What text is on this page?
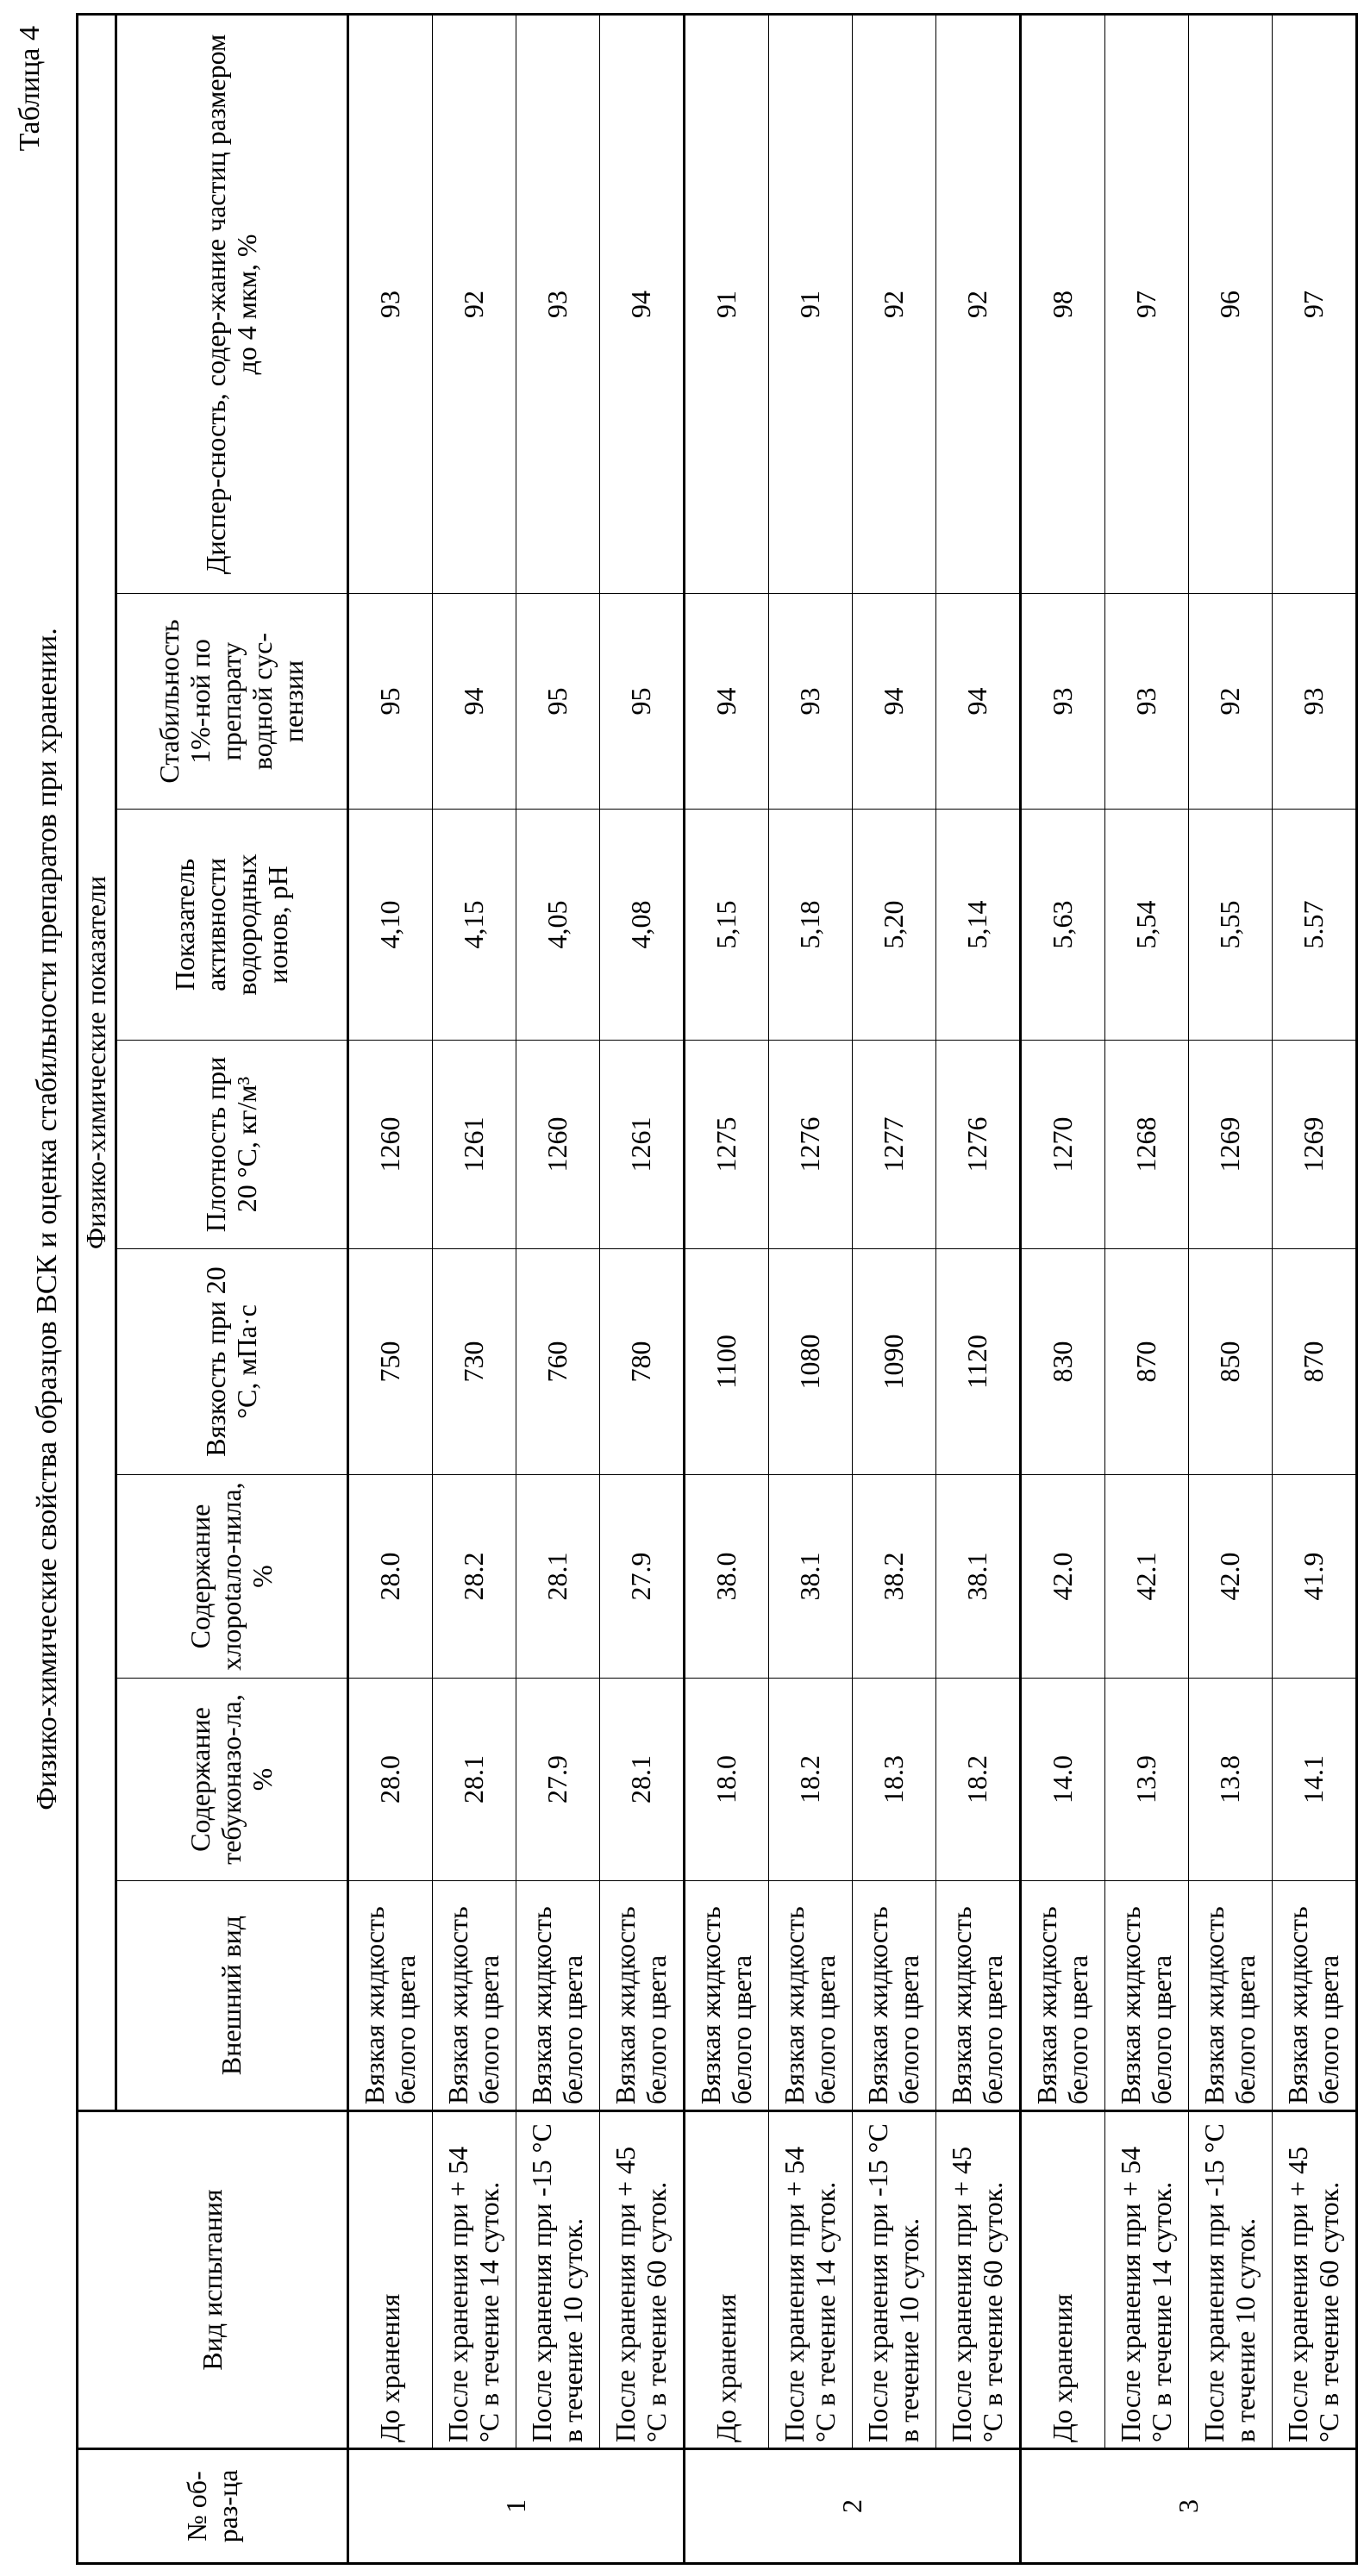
Таблица 4
Физико-химические свойства образцов ВСК и оценка стабильности препаратов при хранении.
№ об-раз-ца	Вид испытания	Физико-химические показатели
Внешний вид	Содержание тебуконазо-ла, %	Содержание хлорotало-нила, %	Вязкость при 20 °С, мПа·с	Плотность при 20 °С, кг/м³	Показатель активности водородных ионов, pH	Стабильность 1%-ной по препарату водной сус-пензии	Диспер-сность, содер-жание частиц размером до 4 мкм, %
1	До хранения	Вязкая жидкость белого цвета	28.0	28.0	750	1260	4,10	95	93
После хранения при + 54 °С в течение 14 суток.	Вязкая жидкость белого цвета	28.1	28.2	730	1261	4,15	94	92
После хранения при -15 °С в течение 10 суток.	Вязкая жидкость белого цвета	27.9	28.1	760	1260	4,05	95	93
После хранения при + 45 °С в течение 60 суток.	Вязкая жидкость белого цвета	28.1	27.9	780	1261	4,08	95	94
2	До хранения	Вязкая жидкость белого цвета	18.0	38.0	1100	1275	5,15	94	91
После хранения при + 54 °С в течение 14 суток.	Вязкая жидкость белого цвета	18.2	38.1	1080	1276	5,18	93	91
После хранения при -15 °С в течение 10 суток.	Вязкая жидкость белого цвета	18.3	38.2	1090	1277	5,20	94	92
После хранения при + 45 °С в течение 60 суток.	Вязкая жидкость белого цвета	18.2	38.1	1120	1276	5,14	94	92
3	До хранения	Вязкая жидкость белого цвета	14.0	42.0	830	1270	5,63	93	98
После хранения при + 54 °С в течение 14 суток.	Вязкая жидкость белого цвета	13.9	42.1	870	1268	5,54	93	97
После хранения при -15 °С в течение 10 суток.	Вязкая жидкость белого цвета	13.8	42.0	850	1269	5,55	92	96
После хранения при + 45 °С в течение 60 суток.	Вязкая жидкость белого цвета	14.1	41.9	870	1269	5.57	93	97
